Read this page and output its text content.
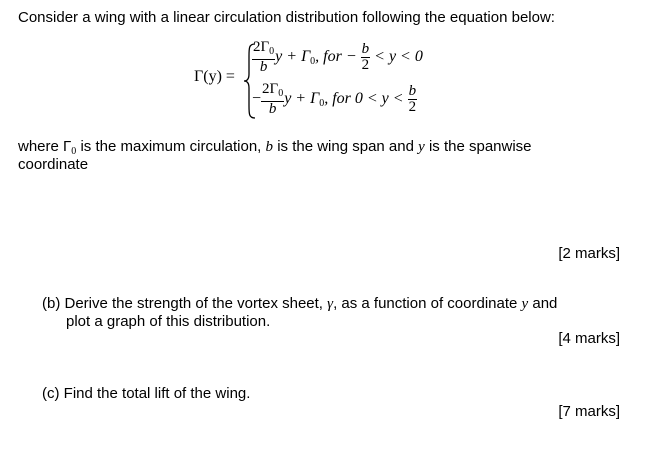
Consider a wing with a linear circulation distribution following the equation below:
Γ(y) =
$\frac{2\Gamma_0}{b}$ $y + \Gamma_0$, for − $\frac{b}{2} < y < 0$
− $\frac{2\Gamma_0}{b}$ $y + \Gamma_0$, for $0 < y < \frac{b}{2}$
where $\Gamma_0$ is the maximum circulation, b is the wing span and y is the spanwise
coordinate
[2 marks]
(b) Derive the strength of the vortex sheet, γ, as a function of coordinate y and
plot a graph of this distribution.
[4 marks]
(c) Find the total lift of the wing.
[7 marks]
